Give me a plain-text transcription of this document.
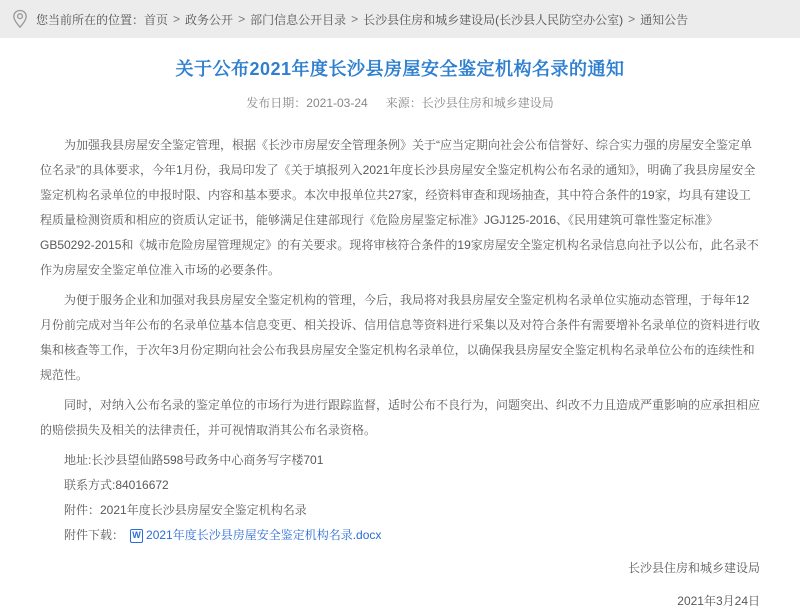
您当前所在的位置： 首页 > 政务公开 > 部门信息公开目录 > 长沙县住房和城乡建设局(长沙县人民防空办公室) > 通知公告
关于公布2021年度长沙县房屋安全鉴定机构名录的通知
发布日期：2021-03-24 来源：长沙县住房和城乡建设局

为加强我县房屋安全鉴定管理，根据《长沙市房屋安全管理条例》关于“应当定期向社会公布信誉好、综合实力强的房屋安全鉴定单位名录”的具体要求，今年1月份，我局印发了《关于填报列入2021年度长沙县房屋安全鉴定机构公布名录的通知》，明确了我县房屋安全鉴定机构名录单位的申报时限、内容和基本要求。本次申报单位共27家，经资料审查和现场抽查，其中符合条件的19家，均具有建设工程质量检测资质和相应的资质认定证书，能够满足住建部现行《危险房屋鉴定标准》JGJ125-2016、《民用建筑可靠性鉴定标准》GB50292-2015和《城市危险房屋管理规定》的有关要求。现将审核符合条件的19家房屋安全鉴定机构名录信息向社予以公布，此名录不作为房屋安全鉴定单位准入市场的必要条件。

为便于服务企业和加强对我县房屋安全鉴定机构的管理，今后，我局将对我县房屋安全鉴定机构名录单位实施动态管理，于每年12月份前完成对当年公布的名录单位基本信息变更、相关投诉、信用信息等资料进行采集以及对符合条件有需要增补名录单位的资料进行收集和核查等工作，于次年3月份定期向社会公布我县房屋安全鉴定机构名录单位，以确保我县房屋安全鉴定机构名录单位公布的连续性和规范性。

同时，对纳入公布名录的鉴定单位的市场行为进行跟踪监督，适时公布不良行为，问题突出、纠改不力且造成严重影响的应承担相应的赔偿损失及相关的法律责任，并可视情取消其公布名录资格。

地址:长沙县望仙路598号政务中心商务写字楼701

联系方式:84016672

附件：2021年度长沙县房屋安全鉴定机构名录

附件下载： W 2021年度长沙县房屋安全鉴定机构名录.docx

长沙县住房和城乡建设局

2021年3月24日
